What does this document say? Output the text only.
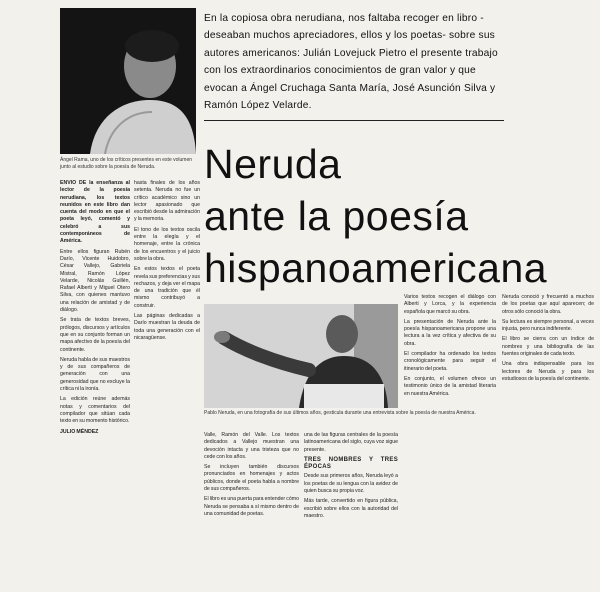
Ángel Rama, uno de los críticos presentes en este volumen junto al estudio sobre la poesía de Neruda.
En la copiosa obra nerudiana, nos faltaba recoger en libro -deseaban muchos apreciadores, ellos y los poetas- sobre sus autores americanos: Julián Lovejuck Pietro el presente trabajo con los extraordinarios conocimientos de gran valor y que evocan a Ángel Cruchaga Santa María, José Asunción Silva y Ramón López Velarde.
Neruda
ante la poesía
hispanoamericana
Pablo Neruda, en una fotografía de sus últimos años, gesticula durante una entrevista sobre la poesía de nuestra América.

ENVIO DE la enseñanza al lector de la poesía nerudiana, los textos reunidos en este libro dan cuenta del modo en que el poeta leyó, comentó y celebró a sus contemporáneos de América.

Entre ellos figuran Rubén Darío, Vicente Huidobro, César Vallejo, Gabriela Mistral, Ramón López Velarde, Nicolás Guillén, Rafael Alberti y Miguel Otero Silva, con quienes mantuvo una relación de amistad y de diálogo.

Se trata de textos breves, prólogos, discursos y artículos que en su conjunto forman un mapa afectivo de la poesía del continente.

Neruda habla de sus maestros y de sus compañeros de generación con una generosidad que no excluye la crítica ni la ironía.

La edición reúne además notas y comentarios del compilador que sitúan cada texto en su momento histórico.

JULIO MÉNDEZ

hasta finales de los años setenta. Neruda no fue un crítico académico sino un lector apasionado que escribió desde la admiración y la memoria.

El tono de los textos oscila entre la elegía y el homenaje, entre la crónica de los encuentros y el juicio sobre la obra.

En estos textos el poeta revela sus preferencias y sus rechazos, y deja ver el mapa de una tradición que él mismo contribuyó a construir.

Las páginas dedicadas a Darío muestran la deuda de toda una generación con el nicaragüense.

Valle, Ramón del Valle. Los textos dedicados a Vallejo muestran una devoción intacta y una tristeza que no cede con los años.

Se incluyen también discursos pronunciados en homenajes y actos públicos, donde el poeta habla a nombre de sus compañeros.

El libro es una puerta para entender cómo Neruda se pensaba a sí mismo dentro de una comunidad de poetas.

una de las figuras centrales de la poesía latinoamericana del siglo, cuya voz sigue presente.

TRES NOMBRES Y TRES ÉPOCAS

Desde sus primeros años, Neruda leyó a los poetas de su lengua con la avidez de quien busca su propia voz.

Más tarde, convertido en figura pública, escribió sobre ellos con la autoridad del maestro.

Varios textos recogen el diálogo con Alberti y Lorca, y la experiencia española que marcó su obra.

La presentación de Neruda ante la poesía hispanoamericana propone una lectura a la vez crítica y afectiva de su obra.

El compilador ha ordenado los textos cronológicamente para seguir el itinerario del poeta.

En conjunto, el volumen ofrece un testimonio único de la amistad literaria en nuestra América.

Neruda conoció y frecuentó a muchos de los poetas que aquí aparecen; de otros sólo conoció la obra.

Su lectura es siempre personal, a veces injusta, pero nunca indiferente.

El libro se cierra con un índice de nombres y una bibliografía de las fuentes originales de cada texto.

Una obra indispensable para los lectores de Neruda y para los estudiosos de la poesía del continente.
